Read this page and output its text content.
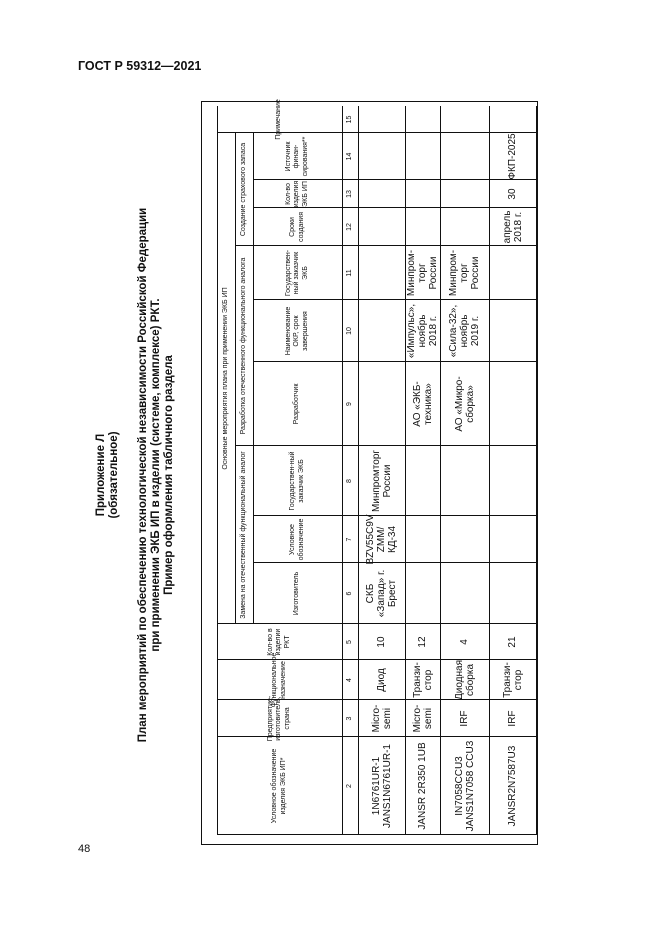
ГОСТ Р 59312—2021
48
Приложение Л (обязательное) План мероприятий по обеспечению технологической независимости Российской Федерации при применении ЭКБ ИП в изделии (системе, комплексе) РКТ. Пример оформления табличного раздела	Основные мероприятия плана при применении ЭКБ ИП
Замена на отечественный функциональный аналог
Разработка отечественного функционального аналога
Создание страхового запаса
Условное обозначение изделия ЭКБ ИП*
Предприятие-изготовитель, страна
Функциональное назначение
Кол-во в изделии РКТ
Изготовитель
Условное обозначение
Государствен-ный заказчик ЭКБ
Разработчик
Наименование ОКР, срок завершения
Государствен-ный заказчик ЭКБ
Сроки создания
Кол-во изделия ЭКБ ИП
Источник финан-сирования**
Примечание
2
3
4
5
6
7
8
9
10
11
12
13
14
15
1N6761UR-1 JANS1N6761UR-1
Micro-semi
Диод
10
СКБ «Запад» г. Брест
BZV55C9V ZMM/ КД-34
Минпромторг России
JANSR 2R350 1UB
Micro-semi
Транзи-стор
12
АО «ЭКБ-техника»
«Импульс», ноябрь 2018 г.
Минпром-торг России
IN7058CCU3 JANS1N7058 CCU3
IRF
Диодная сборка
4
АО «Микро-сборка»
«Сила-32», ноябрь 2019 г.
Минпром-торг России
JANSR2N7587U3
IRF
Транзи-стор
21
апрель 2018 г.
30
ФКП-2025
